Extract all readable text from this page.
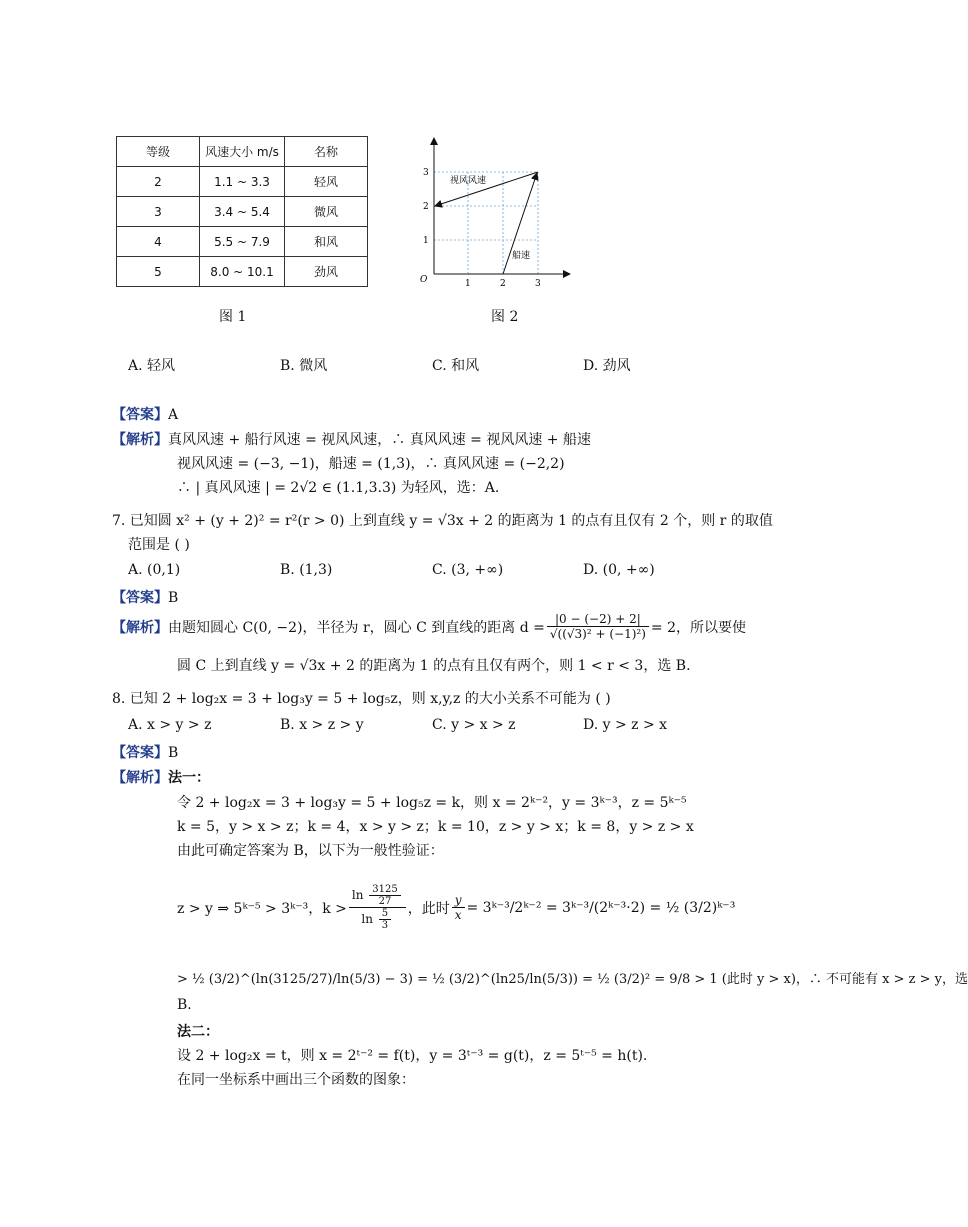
等级	风速大小 m/s	名称
2	1.1 ~ 3.3	轻风
3	3.4 ~ 5.4	微风
4	5.5 ~ 7.9	和风
5	8.0 ~ 10.1	劲风
图 1
O	1	2	3
1
2
3
视风风速
船速
图 2
A. 轻风	B. 微风	C. 和风	D. 劲风
【答案】A
【解析】真风风速 + 船行风速 = 视风风速，∴ 真风风速 = 视风风速 + 船速
视风风速 = (−3, −1)，船速 = (1,3)，∴ 真风风速 = (−2,2)
∴ | 真风风速 | = 2√2 ∈ (1.1,3.3) 为轻风，选：A.
7. 已知圆 x² + (y + 2)² = r²(r > 0) 上到直线 y = √3x + 2 的距离为 1 的点有且仅有 2 个，则 r 的取值
范围是 ( )
A. (0,1)	B. (1,3)	C. (3, +∞)	D. (0, +∞)
【答案】B
【解析】 由题知圆心 C(0, −2)，半径为 r，圆心 C 到直线的距离 $d = \frac{|0 - (-2) + 2|}{\text{√((√3)² + (−1)²)}} = 2$，所以要使
圆 C 上到直线 y = √3x + 2 的距离为 1 的点有且仅有两个，则 1 < r < 3，选 B.
8. 已知 2 + log₂x = 3 + log₃y = 5 + log₅z，则 x,y,z 的大小关系不可能为 ( )
A. x > y > z	B. x > z > y	C. y > x > z	D. y > z > x
【答案】B
【解析】法一：
令 2 + log₂x = 3 + log₃y = 5 + log₅z = k，则 x = 2ᵏ⁻²，y = 3ᵏ⁻³，z = 5ᵏ⁻⁵
k = 5，y > x > z；k = 4，x > y > z；k = 10，z > y > x；k = 8，y > z > x
由此可确定答案为 B，以下为一般性验证：
z > y ⇒ 5ᵏ⁻⁵ > 3ᵏ⁻³，$k > \frac{\ln \frac{3125}{27}}{\ln \frac{5}{3}}$ ，此时 $\frac{y}{x}$ = 3ᵏ⁻³/2ᵏ⁻² = 3ᵏ⁻³/(2ᵏ⁻³·2) = ½ (3/2)ᵏ⁻³
> ½ (3/2)^(ln(3125/27)/ln(5/3) − 3) = ½ (3/2)^(ln25/ln(5/3)) = ½ (3/2)² = 9/8 > 1 (此时 y > x)，∴ 不可能有 x > z > y，选
B.
法二：
设 2 + log₂x = t，则 x = 2ᵗ⁻² = f(t)，y = 3ᵗ⁻³ = g(t)，z = 5ᵗ⁻⁵ = h(t).
在同一坐标系中画出三个函数的图象：
